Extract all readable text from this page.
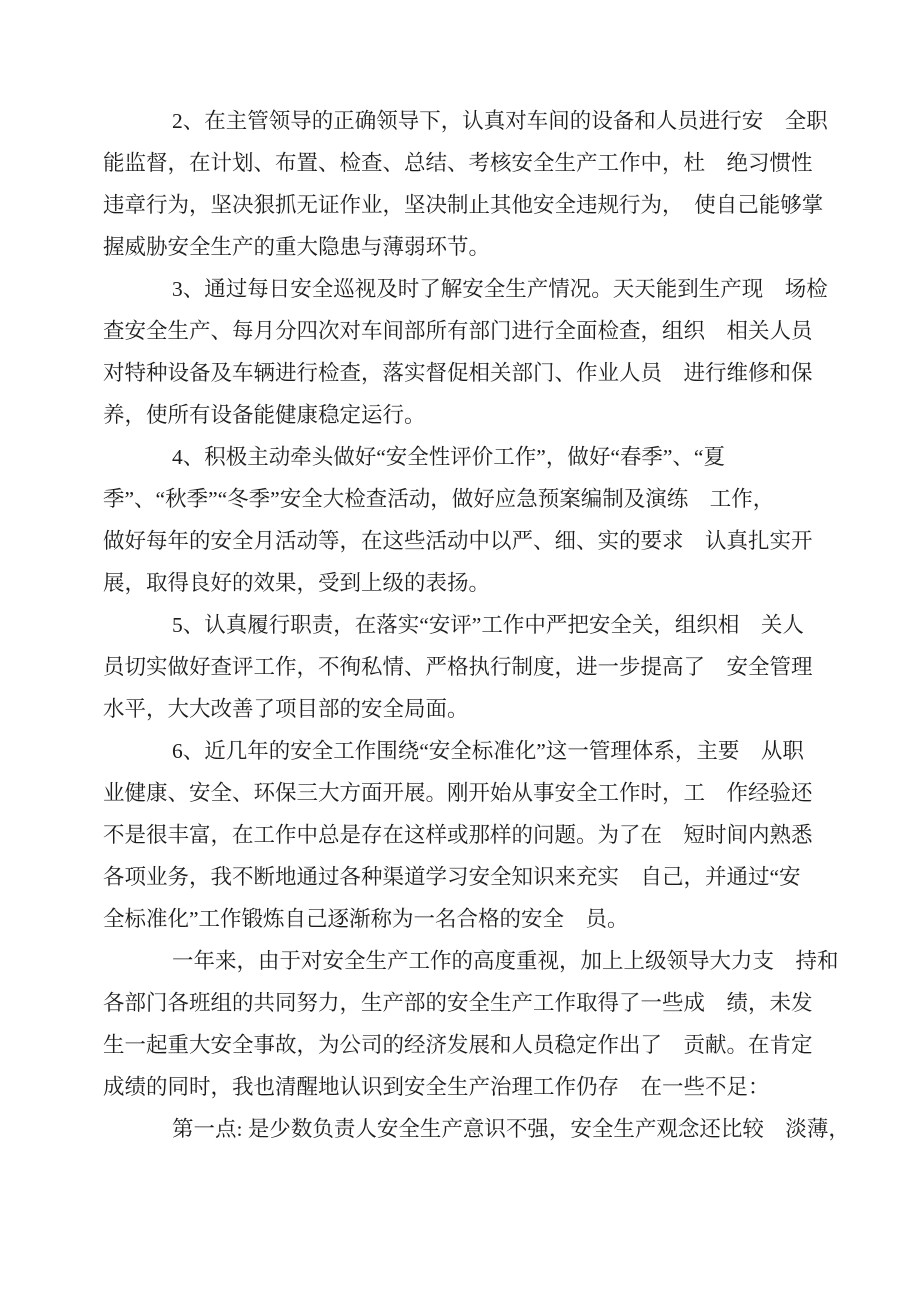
2、在主管领导的正确领导下，认真对车间的设备和人员进行安　全职
能监督，在计划、布置、检查、总结、考核安全生产工作中，杜　绝习惯性
违章行为，坚决狠抓无证作业，坚决制止其他安全违规行为，　使自己能够掌
握威胁安全生产的重大隐患与薄弱环节。
3、通过每日安全巡视及时了解安全生产情况。天天能到生产现　场检
查安全生产、每月分四次对车间部所有部门进行全面检查，组织　相关人员
对特种设备及车辆进行检查，落实督促相关部门、作业人员　进行维修和保
养，使所有设备能健康稳定运行。
4、积极主动牵头做好“安全性评价工作”，做好“春季”、“夏
季”、“秋季”“冬季”安全大检查活动，做好应急预案编制及演练　工作，
做好每年的安全月活动等，在这些活动中以严、细、实的要求　认真扎实开
展，取得良好的效果，受到上级的表扬。
5、认真履行职责，在落实“安评”工作中严把安全关，组织相　关人
员切实做好查评工作，不徇私情、严格执行制度，进一步提高了　安全管理
水平，大大改善了项目部的安全局面。
6、近几年的安全工作围绕“安全标准化”这一管理体系，主要　从职
业健康、安全、环保三大方面开展。刚开始从事安全工作时，工　作经验还
不是很丰富，在工作中总是存在这样或那样的问题。为了在　短时间内熟悉
各项业务，我不断地通过各种渠道学习安全知识来充实　自己，并通过“安
全标准化”工作锻炼自己逐渐称为一名合格的安全　员。
一年来，由于对安全生产工作的高度重视，加上上级领导大力支　持和
各部门各班组的共同努力，生产部的安全生产工作取得了一些成　绩，未发
生一起重大安全事故，为公司的经济发展和人员稳定作出了　贡献。在肯定
成绩的同时，我也清醒地认识到安全生产治理工作仍存　在一些不足：
第一点: 是少数负责人安全生产意识不强，安全生产观念还比较　淡薄，
